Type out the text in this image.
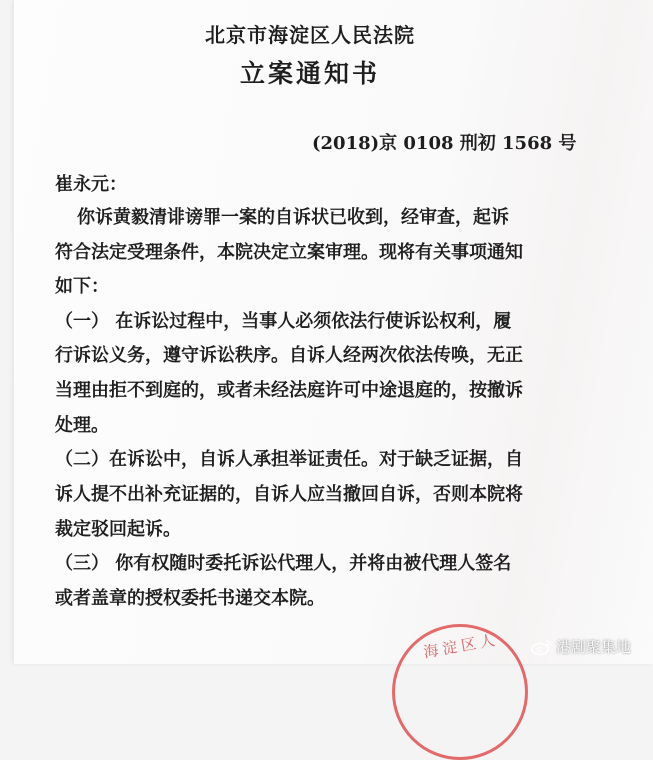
北京市海淀区人民法院
立案通知书
(2018)京 0108 刑初 1568 号
崔永元：
你诉黄毅清诽谤罪一案的自诉状已收到，经审查，起诉
符合法定受理条件，本院决定立案审理。现将有关事项通知
如下：
（一） 在诉讼过程中，当事人必须依法行使诉讼权利，履
行诉讼义务，遵守诉讼秩序。自诉人经两次依法传唤，无正
当理由拒不到庭的，或者未经法庭许可中途退庭的，按撤诉
处理。
（二）在诉讼中，自诉人承担举证责任。对于缺乏证据，自
诉人提不出补充证据的，自诉人应当撤回自诉，否则本院将
裁定驳回起诉。
（三） 你有权随时委托诉讼代理人，并将由被代理人签名
或者盖章的授权委托书递交本院。
海淀区人	港剧聚集地
